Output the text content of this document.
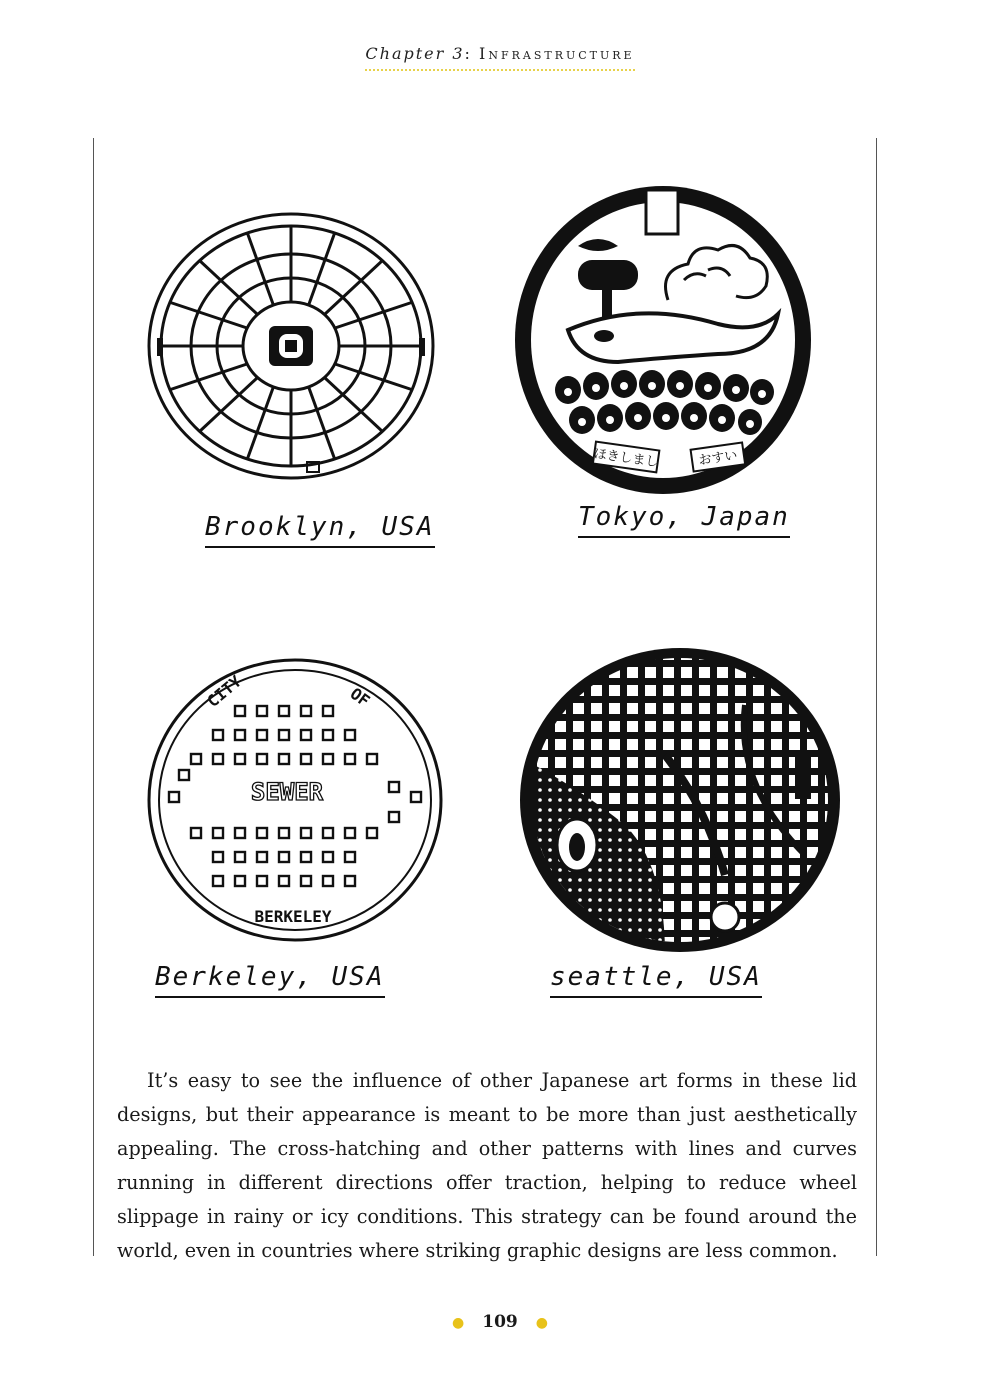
Chapter 3: Infrastructure
Brooklyn, USA
ほきしまし	おすい
Tokyo, Japan
CITY	OF
SEWER
BERKELEY
Berkeley, USA	seattle, USA

It’s easy to see the influence of other Japanese art forms in these lid designs, but their appearance is meant to be more than just aesthetically appealing. The cross-hatching and other patterns with lines and curves running in different directions offer traction, helping to reduce wheel slippage in rainy or icy conditions. This strategy can be found around the world, even in countries where striking graphic designs are less common.

● 109 ●
